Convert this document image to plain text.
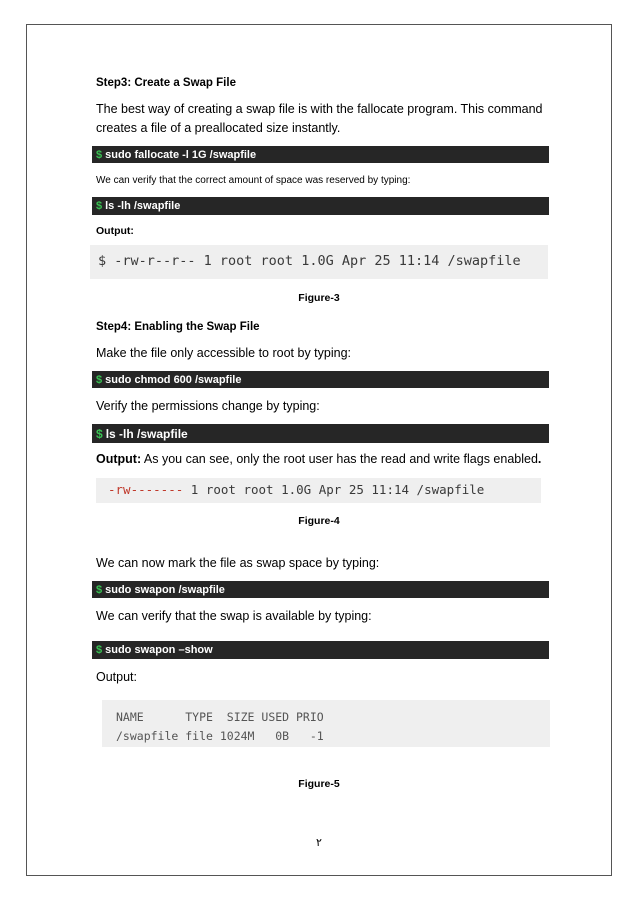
Step3: Create a Swap File
The best way of creating a swap file is with the fallocate program. This command
creates a file of a preallocated size instantly.
$ sudo fallocate -l 1G /swapfile
We can verify that the correct amount of space was reserved by typing:
$ ls -lh /swapfile
Output:
$ -rw-r--r-- 1 root root 1.0G Apr 25 11:14 /swapfile
Figure-3
Step4: Enabling the Swap File
Make the file only accessible to root by typing:
$ sudo chmod 600 /swapfile
Verify the permissions change by typing:
$ ls -lh /swapfile
Output: As you can see, only the root user has the read and write flags enabled.
-rw------- 1 root root 1.0G Apr 25 11:14 /swapfile
Figure-4
We can now mark the file as swap space by typing:
$ sudo swapon /swapfile
We can verify that the swap is available by typing:
$ sudo swapon –show
Output:
NAME      TYPE  SIZE USED PRIO
/swapfile file 1024M   0B   -1
Figure-5
٢
